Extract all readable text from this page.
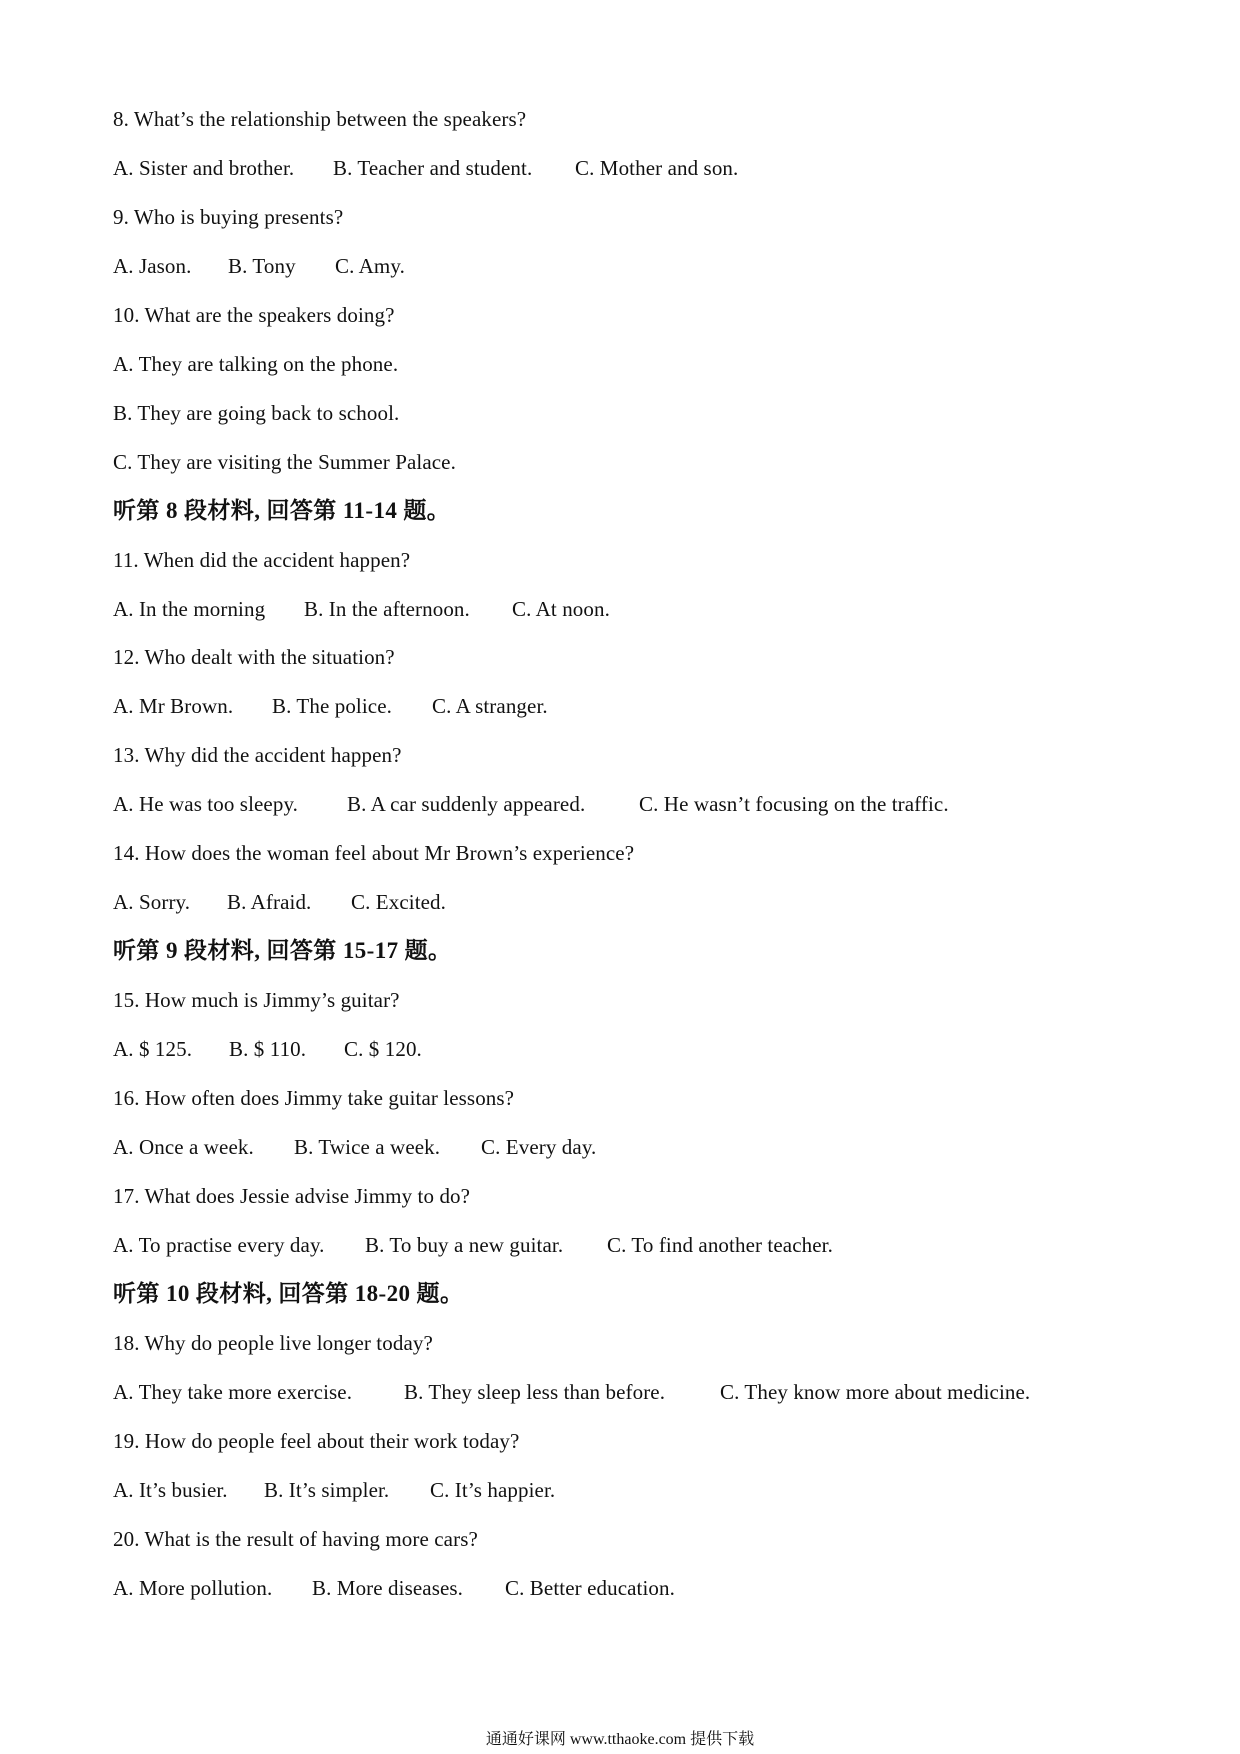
8. What’s the relationship between the speakers?
A. Sister and brother. B. Teacher and student. C. Mother and son.
9. Who is buying presents?
A. Jason. B. Tony C. Amy.
10. What are the speakers doing?
A. They are talking on the phone.
B. They are going back to school.
C. They are visiting the Summer Palace.
听第 8 段材料, 回答第 11-14 题。
11. When did the accident happen?
A. In the morning B. In the afternoon. C. At noon.
12. Who dealt with the situation?
A. Mr Brown. B. The police. C. A stranger.
13. Why did the accident happen?
A. He was too sleepy. B. A car suddenly appeared.	C. He wasn’t focusing on the traffic.
14. How does the woman feel about Mr Brown’s experience?
A. Sorry. B. Afraid. C. Excited.
听第 9 段材料, 回答第 15-17 题。
15. How much is Jimmy’s guitar?
A. $ 125. B. $ 110. C. $ 120.
16. How often does Jimmy take guitar lessons?
A. Once a week. B. Twice a week. C. Every day.
17. What does Jessie advise Jimmy to do?
A. To practise every day. B. To buy a new guitar. C. To find another teacher.
听第 10 段材料, 回答第 18-20 题。
18. Why do people live longer today?
A. They take more exercise. B. They sleep less than before.	C. They know more about medicine.
19. How do people feel about their work today?
A. It’s busier. B. It’s simpler. C. It’s happier.
20. What is the result of having more cars?
A. More pollution. B. More diseases. C. Better education.
通通好课网 www.tthaoke.com 提供下载
